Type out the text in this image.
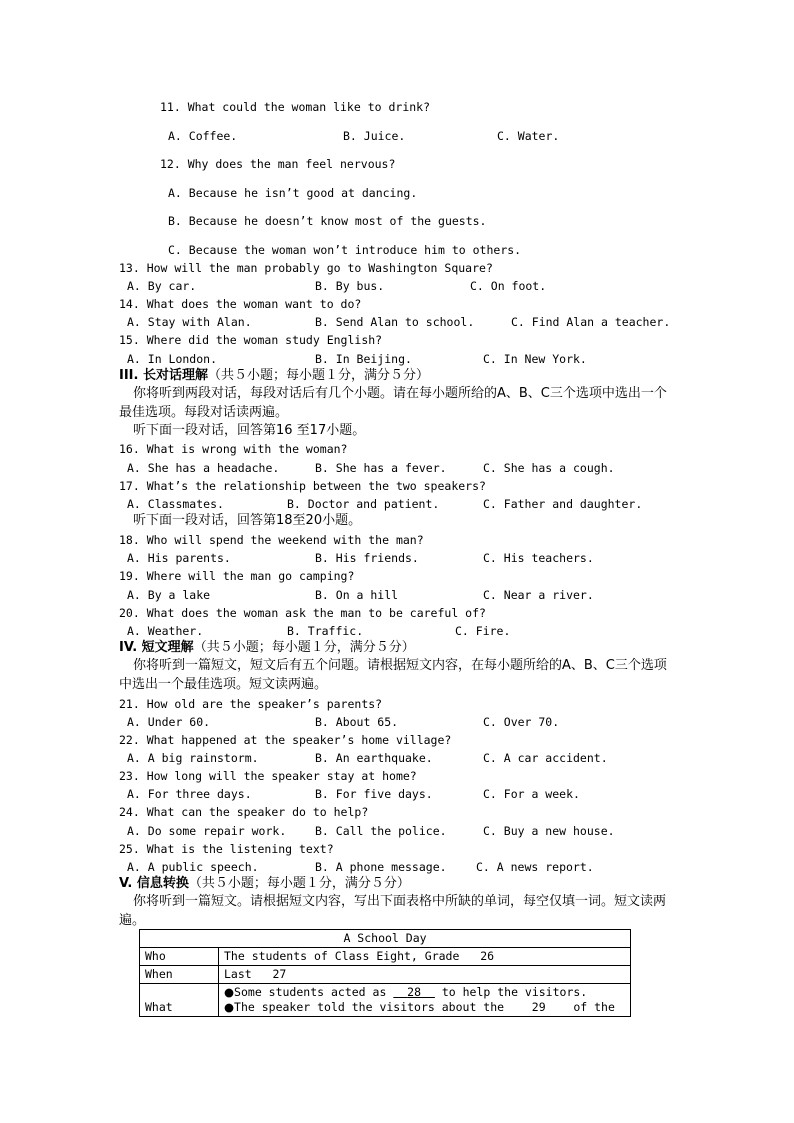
11. What could the woman like to drink?
A. Coffee.	B. Juice.	C. Water.
12. Why does the man feel nervous?
A. Because he isn’t good at dancing.
B. Because he doesn’t know most of the guests.
C. Because the woman won’t introduce him to others.
13. How will the man probably go to Washington Square?
A. By car.	B. By bus.	C. On foot.
14. What does the woman want to do?
A. Stay with Alan.	B. Send Alan to school.	C. Find Alan a teacher.
15. Where did the woman study English?
A. In London.	B. In Beijing.	C. In New York.
III. 长对话理解（共５小题；每小题１分，满分５分）
你将听到两段对话，每段对话后有几个小题。请在每小题所给的A、B、C三个选项中选出一个最佳选项。每段对话读两遍。
听下面一段对话，回答第16 至17小题。
16. What is wrong with the woman?
A. She has a headache.	B. She has a fever.	C. She has a cough.
17. What’s the relationship between the two speakers?
A. Classmates.	B. Doctor and patient.	C. Father and daughter.
听下面一段对话，回答第18至20小题。
18. Who will spend the weekend with the man?
A. His parents.	B. His friends.	C. His teachers.
19. Where will the man go camping?
A. By a lake	B. On a hill	C. Near a river.
20. What does the woman ask the man to be careful of?
A. Weather.	B. Traffic.	C. Fire.
IV. 短文理解（共５小题；每小题１分，满分５分）
你将听到一篇短文，短文后有五个问题。请根据短文内容，在每小题所给的A、B、C三个选项中选出一个最佳选项。短文读两遍。
21. How old are the speaker’s parents?
A. Under 60.	B. About 65.	C. Over 70.
22. What happened at the speaker’s home village?
A. A big rainstorm.	B. An earthquake.	C. A car accident.
23. How long will the speaker stay at home?
A. For three days.	B. For five days.	C. For a week.
24. What can the speaker do to help?
A. Do some repair work.	B. Call the police.	C. Buy a new house.
25. What is the listening text?
A. A public speech.	B. A phone message.	C. A news report.
V. 信息转换（共５小题；每小题１分，满分５分）
你将听到一篇短文。请根据短文内容，写出下面表格中所缺的单词，每空仅填一词。短文读两遍。
A School Day	
Who	The students of Class Eight, Grade 26
When	Last 27
What	●Some students acted as 28 to help the visitors.
●The speaker told the visitors about the 29 of the
